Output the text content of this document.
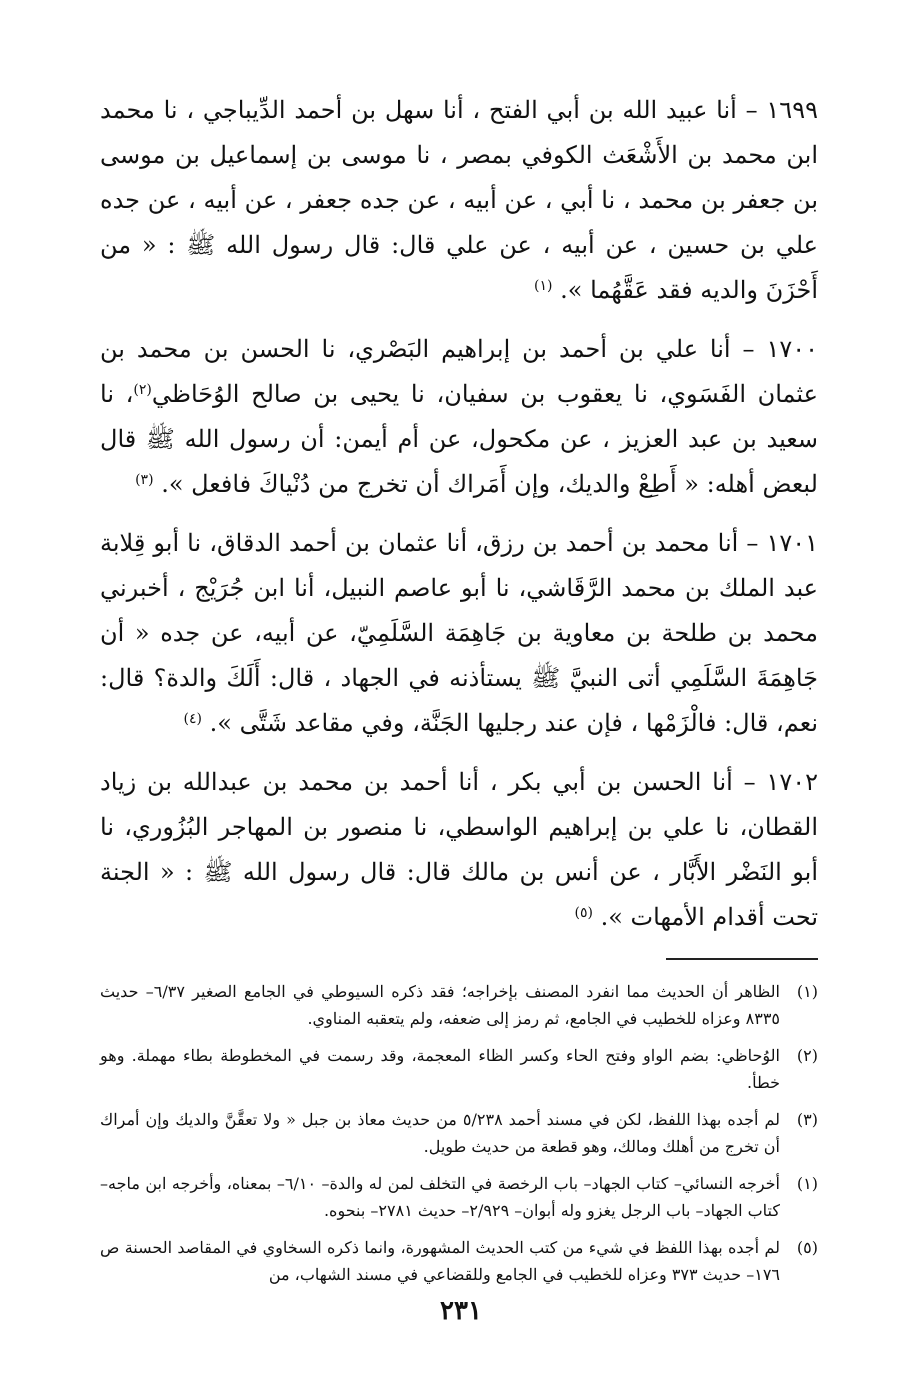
١٦٩٩ – أنا عبيد الله بن أبي الفتح ، أنا سهل بن أحمد الدِّيباجي ، نا محمد ابن محمد بن الأَشْعَث الكوفي بمصر ، نا موسى بن إسماعيل بن موسى بن جعفر بن محمد ، نا أبي ، عن أبيه ، عن جده جعفر ، عن أبيه ، عن جده علي بن حسين ، عن أبيه ، عن علي قال: قال رسول الله ﷺ : « من أَحْزَنَ والديه فقد عَقَّهُما ». $^{(١)}$

١٧٠٠ – أنا علي بن أحمد بن إبراهيم البَصْري، نا الحسن بن محمد بن عثمان الفَسَوي، نا يعقوب بن سفيان، نا يحيى بن صالح الوُحَاظي$^{(٢)}$، نا سعيد بن عبد العزيز ، عن مكحول، عن أم أيمن: أن رسول الله ﷺ قال لبعض أهله: « أَطِعْ والديك، وإن أَمَراك أن تخرج من دُنْياكَ فافعل ». $^{(٣)}$

١٧٠١ – أنا محمد بن أحمد بن رزق، أنا عثمان بن أحمد الدقاق، نا أبو قِلابة عبد الملك بن محمد الرَّقَاشي، نا أبو عاصم النبيل، أنا ابن جُرَيْج ، أخبرني محمد بن طلحة بن معاوية بن جَاهِمَة السَّلَمِيّ، عن أبيه، عن جده « أن جَاهِمَةَ السَّلَمِي أتى النبيَّ ﷺ يستأذنه في الجهاد ، قال: أَلَكَ والدة؟ قال: نعم، قال: فالْزَمْها ، فإن عند رجليها الجَنَّة، وفي مقاعد شَتَّى ». $^{(٤)}$

١٧٠٢ – أنا الحسن بن أبي بكر ، أنا أحمد بن محمد بن عبدالله بن زياد القطان، نا علي بن إبراهيم الواسطي، نا منصور بن المهاجر البُزُوري، نا أبو النَضْر الأَبَّار ، عن أنس بن مالك قال: قال رسول الله ﷺ : « الجنة تحت أقدام الأمهات ». $^{(٥)}$

(١)
الظاهر أن الحديث مما انفرد المصنف بإخراجه؛ فقد ذكره السيوطي في الجامع الصغير ٦/٣٧– حديث ٨٣٣٥ وعزاه للخطيب في الجامع، ثم رمز إلى ضعفه، ولم يتعقبه المناوي.
(٢)
الوُحاظي: بضم الواو وفتح الحاء وكسر الظاء المعجمة، وقد رسمت في المخطوطة بطاء مهملة. وهو خطأ.
(٣)
لم أجده بهذا اللفظ، لكن في مسند أحمد ٥/٢٣٨ من حديث معاذ بن جبل « ولا تعقَّنَّ والديك وإن أمراك أن تخرج من أهلك ومالك، وهو قطعة من حديث طويل.
(١)
أخرجه النسائي– كتاب الجهاد– باب الرخصة في التخلف لمن له والدة– ٦/١٠– بمعناه، وأخرجه ابن ماجه– كتاب الجهاد– باب الرجل يغزو وله أبوان– ٢/٩٢٩– حديث ٢٧٨١– بنحوه.
(٥)
لم أجده بهذا اللفظ في شيء من كتب الحديث المشهورة، وانما ذكره السخاوي في المقاصد الحسنة ص ١٧٦– حديث ٣٧٣ وعزاه للخطيب في الجامع وللقضاعي في مسند الشهاب، من
٢٣١
